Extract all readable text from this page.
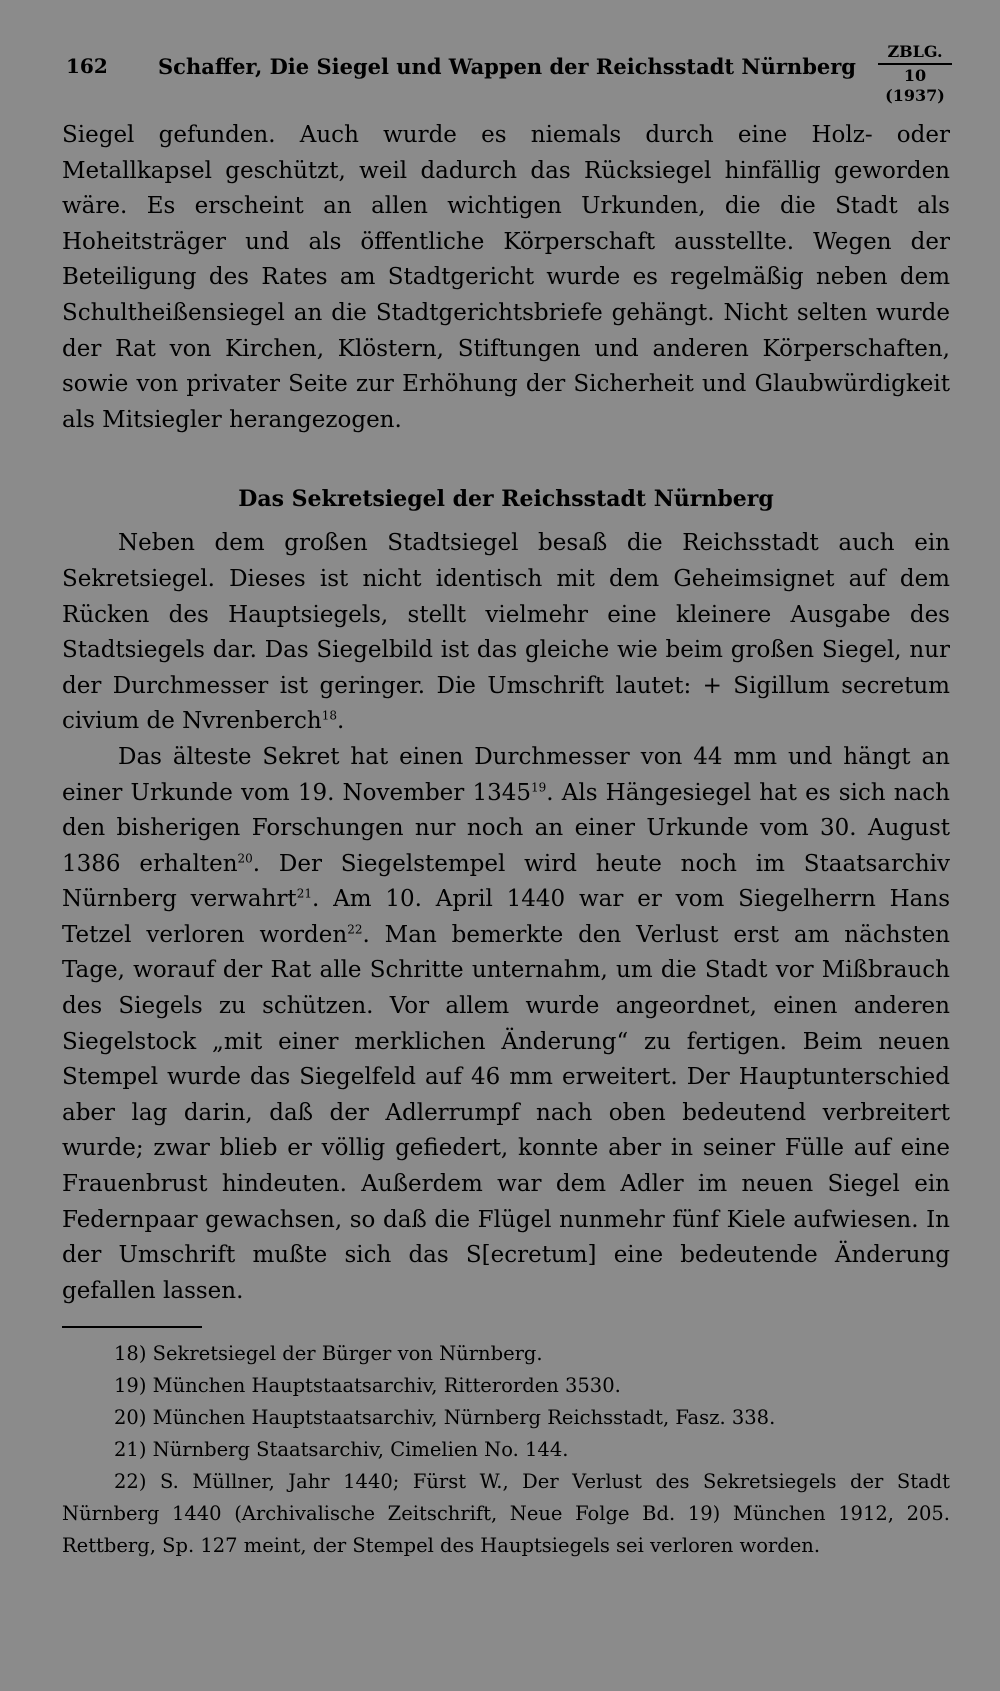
162 Schaffer, Die Siegel und Wappen der Reichsstadt Nürnberg
ZBLG.
10 (1937)

Siegel gefunden. Auch wurde es niemals durch eine Holz- oder Metallkapsel geschützt, weil dadurch das Rücksiegel hinfällig geworden wäre. Es erscheint an allen wichtigen Urkunden, die die Stadt als Hoheitsträger und als öffentliche Körperschaft ausstellte. Wegen der Beteiligung des Rates am Stadtgericht wurde es regelmäßig neben dem Schultheißensiegel an die Stadtgerichtsbriefe gehängt. Nicht selten wurde der Rat von Kirchen, Klöstern, Stiftungen und anderen Körperschaften, sowie von privater Seite zur Erhöhung der Sicherheit und Glaubwürdigkeit als Mitsiegler herangezogen.

Das Sekretsiegel der Reichsstadt Nürnberg

Neben dem großen Stadtsiegel besaß die Reichsstadt auch ein Sekretsiegel. Dieses ist nicht identisch mit dem Geheimsignet auf dem Rücken des Hauptsiegels, stellt vielmehr eine kleinere Ausgabe des Stadtsiegels dar. Das Siegelbild ist das gleiche wie beim großen Siegel, nur der Durchmesser ist geringer. Die Umschrift lautet: + Sigillum secretum civium de Nvrenberch$^{18}$.

Das älteste Sekret hat einen Durchmesser von 44 mm und hängt an einer Urkunde vom 19. November 1345$^{19}$. Als Hängesiegel hat es sich nach den bisherigen Forschungen nur noch an einer Urkunde vom 30. August 1386 erhalten$^{20}$. Der Siegelstempel wird heute noch im Staatsarchiv Nürnberg verwahrt$^{21}$. Am 10. April 1440 war er vom Siegelherrn Hans Tetzel verloren worden$^{22}$. Man bemerkte den Verlust erst am nächsten Tage, worauf der Rat alle Schritte unternahm, um die Stadt vor Mißbrauch des Siegels zu schützen. Vor allem wurde angeordnet, einen anderen Siegelstock „mit einer merklichen Änderung“ zu fertigen. Beim neuen Stempel wurde das Siegelfeld auf 46 mm erweitert. Der Hauptunterschied aber lag darin, daß der Adlerrumpf nach oben bedeutend verbreitert wurde; zwar blieb er völlig gefiedert, konnte aber in seiner Fülle auf eine Frauenbrust hindeuten. Außerdem war dem Adler im neuen Siegel ein Federnpaar gewachsen, so daß die Flügel nunmehr fünf Kiele aufwiesen. In der Umschrift mußte sich das S[ecretum] eine bedeutende Änderung gefallen lassen.

18) Sekretsiegel der Bürger von Nürnberg.

19) München Hauptstaatsarchiv, Ritterorden 3530.

20) München Hauptstaatsarchiv, Nürnberg Reichsstadt, Fasz. 338.

21) Nürnberg Staatsarchiv, Cimelien No. 144.

22) S. Müllner, Jahr 1440; Fürst W., Der Verlust des Sekretsiegels der Stadt Nürnberg 1440 (Archivalische Zeitschrift, Neue Folge Bd. 19) München 1912, 205. Rettberg, Sp. 127 meint, der Stempel des Hauptsiegels sei verloren worden.
